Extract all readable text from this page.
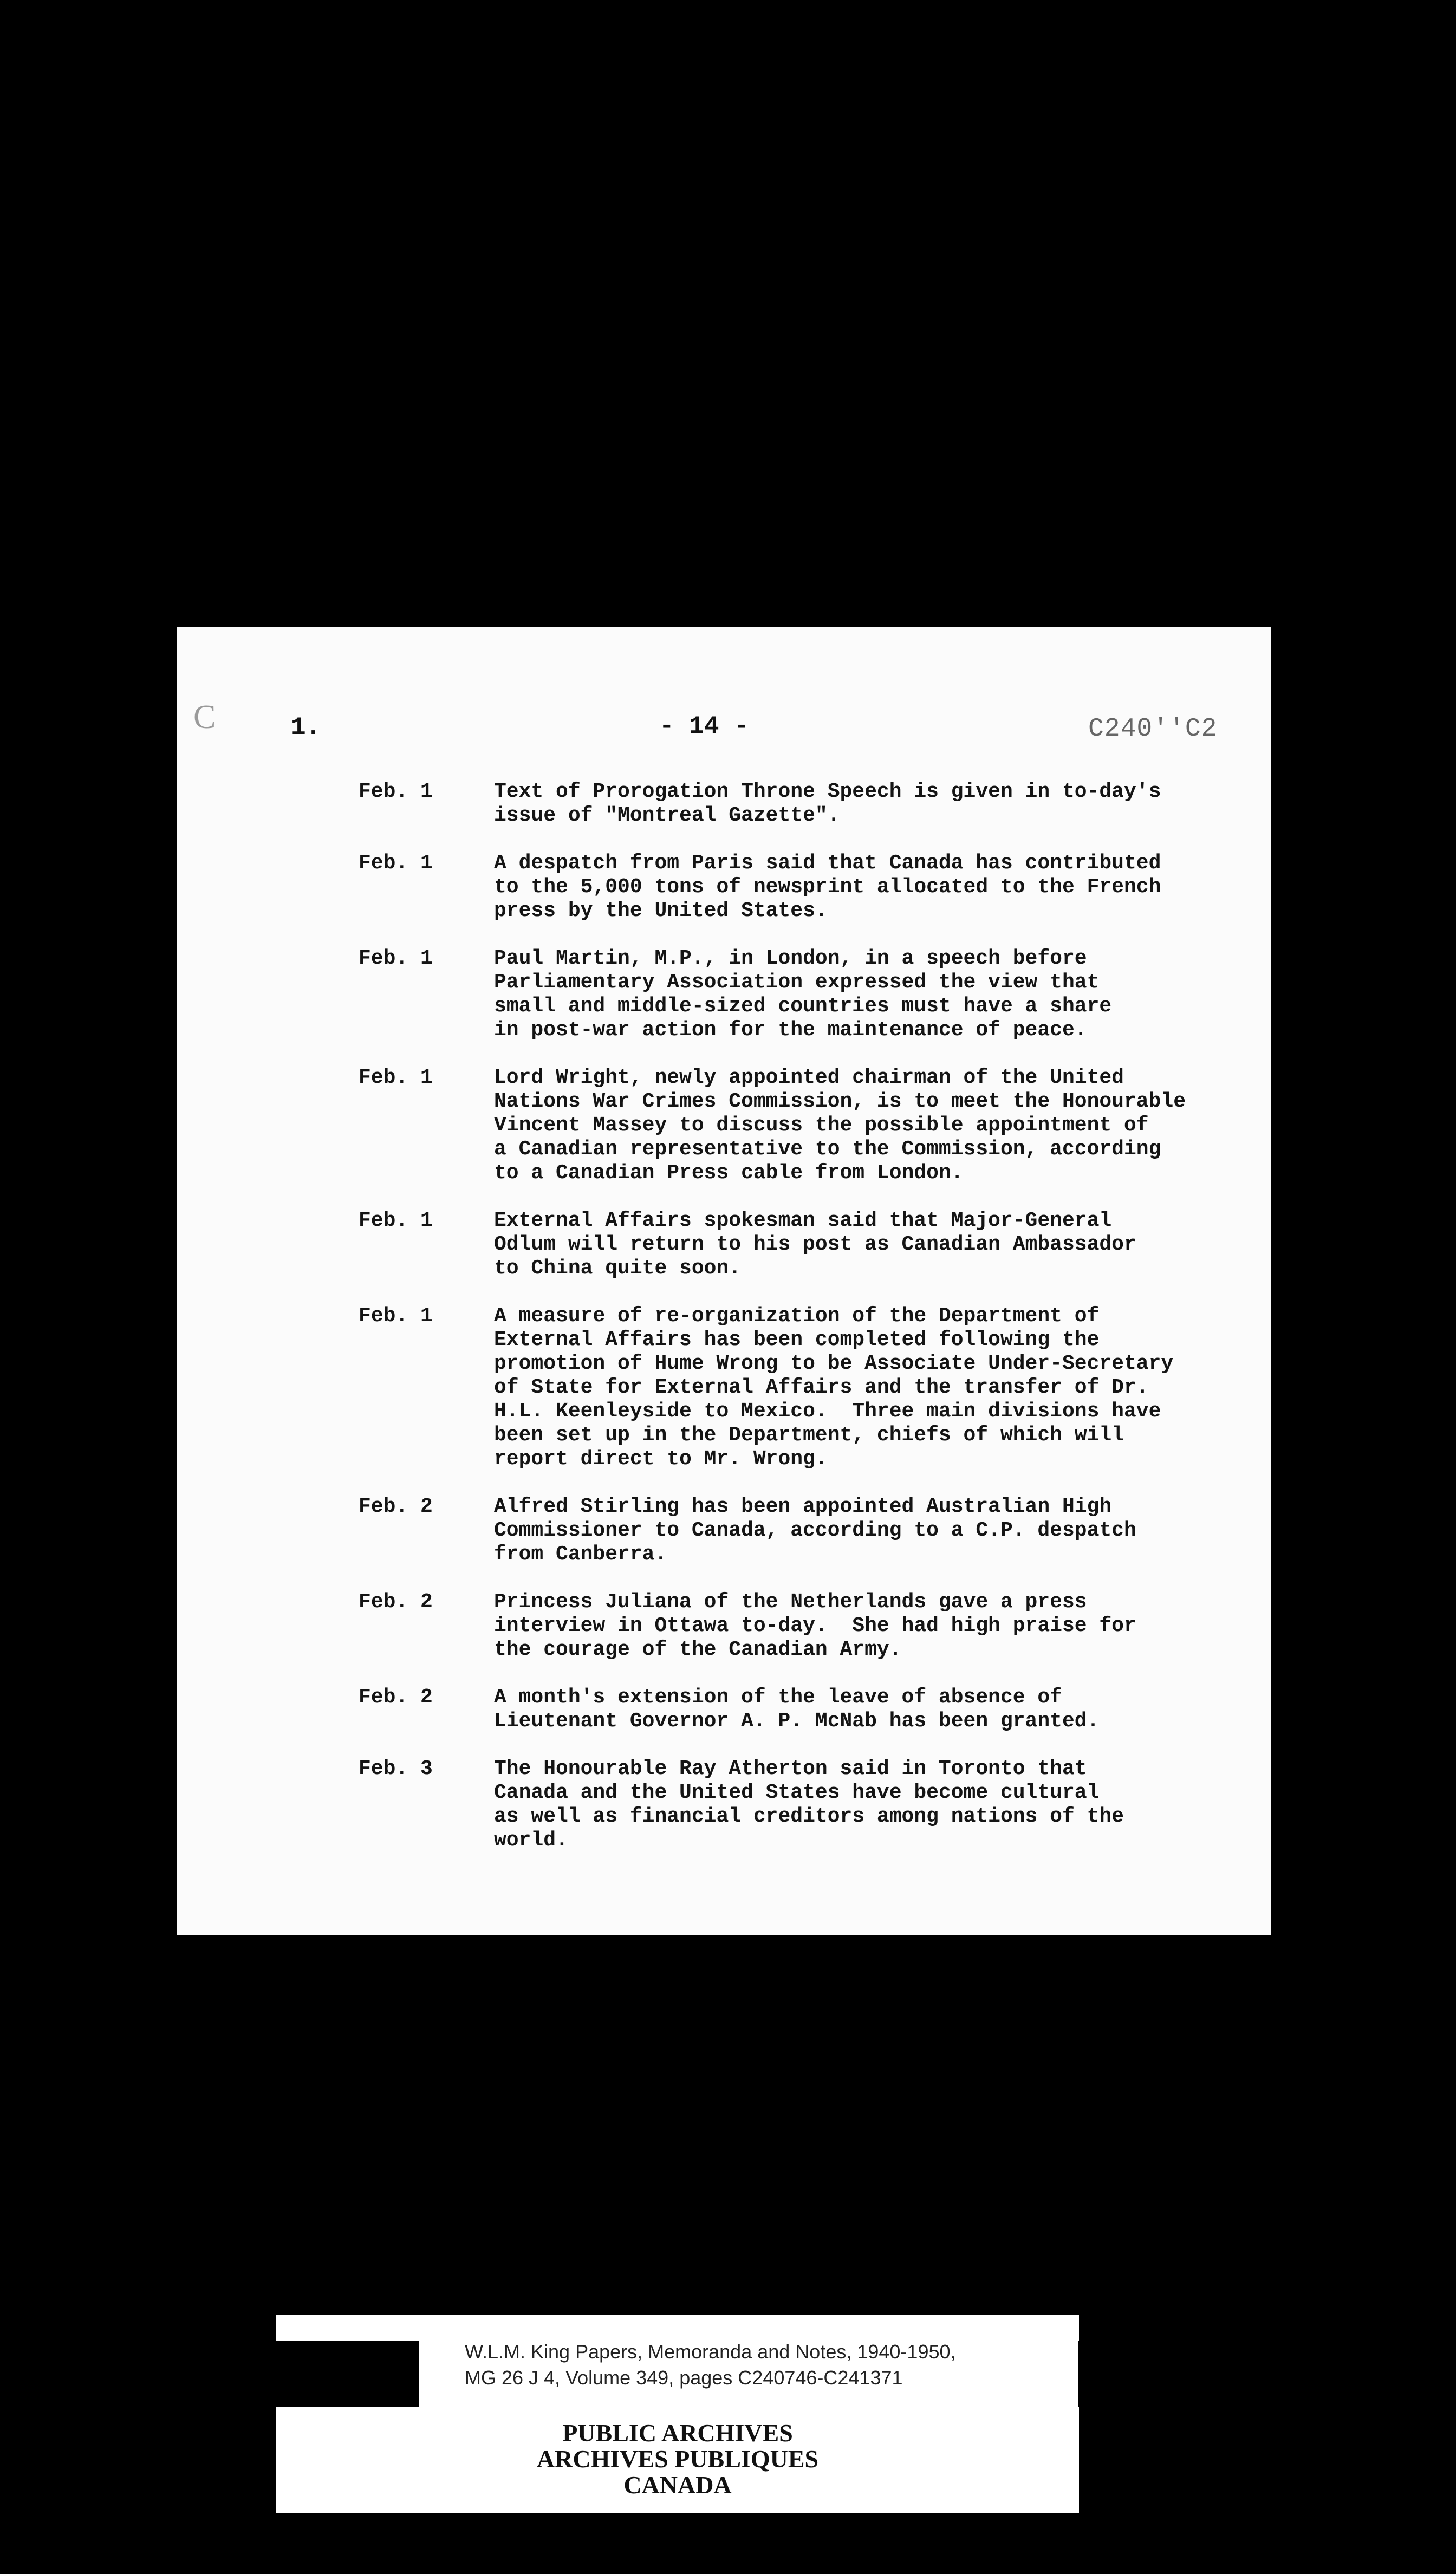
C	1.	- 14 -	C240''C2
Feb. 1	Text of Prorogation Throne Speech is given in to-day's
issue of "Montreal Gazette".
Feb. 1	A despatch from Paris said that Canada has contributed
to the 5,000 tons of newsprint allocated to the French
press by the United States.
Feb. 1	Paul Martin, M.P., in London, in a speech before
Parliamentary Association expressed the view that
small and middle-sized countries must have a share
in post-war action for the maintenance of peace.
Feb. 1	Lord Wright, newly appointed chairman of the United
Nations War Crimes Commission, is to meet the Honourable
Vincent Massey to discuss the possible appointment of
a Canadian representative to the Commission, according
to a Canadian Press cable from London.
Feb. 1	External Affairs spokesman said that Major-General
Odlum will return to his post as Canadian Ambassador
to China quite soon.
Feb. 1	A measure of re-organization of the Department of
External Affairs has been completed following the
promotion of Hume Wrong to be Associate Under-Secretary
of State for External Affairs and the transfer of Dr.
H.L. Keenleyside to Mexico.  Three main divisions have
been set up in the Department, chiefs of which will
report direct to Mr. Wrong.
Feb. 2	Alfred Stirling has been appointed Australian High
Commissioner to Canada, according to a C.P. despatch
from Canberra.
Feb. 2	Princess Juliana of the Netherlands gave a press
interview in Ottawa to-day.  She had high praise for
the courage of the Canadian Army.
Feb. 2	A month's extension of the leave of absence of
Lieutenant Governor A. P. McNab has been granted.
Feb. 3	The Honourable Ray Atherton said in Toronto that
Canada and the United States have become cultural
as well as financial creditors among nations of the
world.
W.L.M. King Papers, Memoranda and Notes, 1940-1950,
MG 26 J 4, Volume 349, pages C240746-C241371
PUBLIC ARCHIVES
ARCHIVES PUBLIQUES
CANADA
